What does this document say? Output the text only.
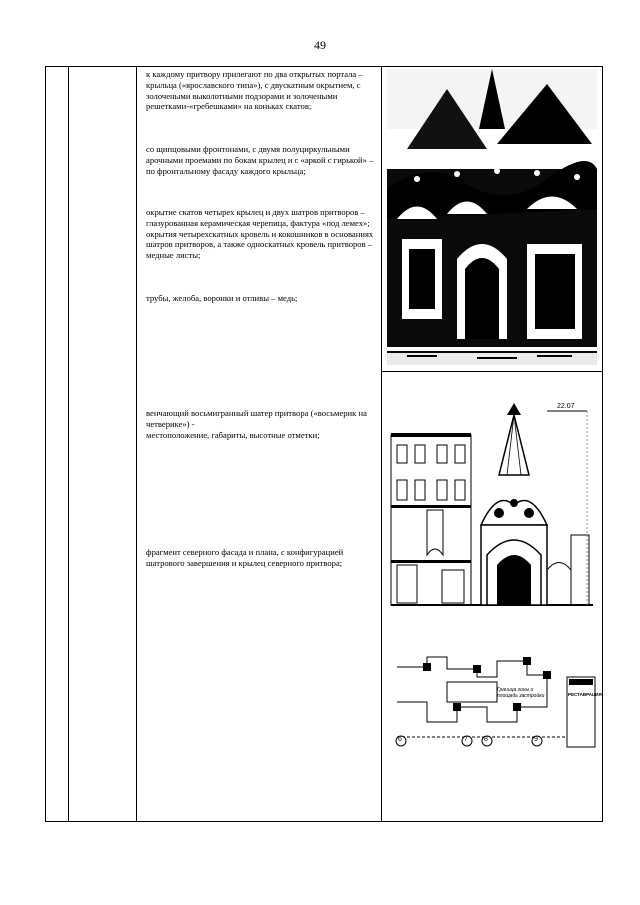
49

к каждому притвору прилегают по два открытых портала – крыльца («ярославского типа»), с двускатным окрытием, с золочеными выколотными подзорами и золочеными решетками-«гребешками» на коньках скатов;

со щипцовыми фронтонами, с двумя полуциркульными арочными проемами по бокам крылец и с «аркой с гирькой» – по фронтальному фасаду каждого крыльца;

окрытие скатов четырех крылец и двух шатров притворов – глазурованная керамическая черепица, фактура «под лемех»;

окрытия четырехскатных кровель и кокошников в основаниях шатров притворов, а также односкатных кровель притворов – медные листы;

трубы, желоба, воронки и отливы – медь;

венчающий восьмигранный шатер притвора («восьмерик на четверике») -

местоположение, габариты, высотные отметки;

фрагмент северного фасада и плана, с конфигурацией шатрового завершения и крылец северного притвора;

22.07
6	7 8	9
Граница зоны и площадь застройки	РЕСТАВРАЦИЯ
